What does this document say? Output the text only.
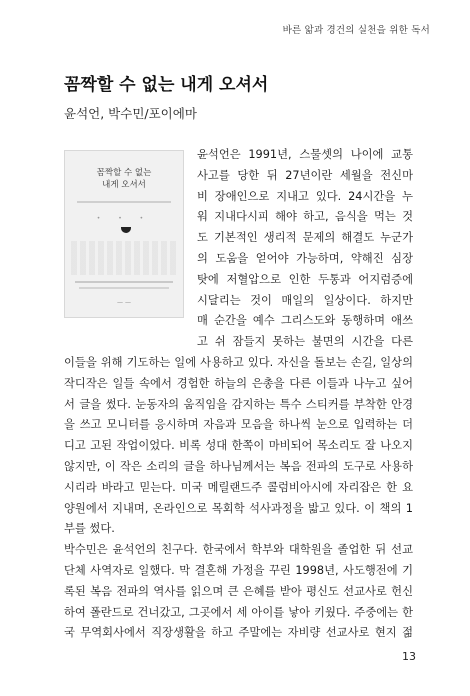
바른 앎과 경건의 실천을 위한 독서
꼼짝할 수 없는 내게 오셔서
윤석언, 박수민/포이에마
꼼짝할 수 없는
내게 오셔서
• • •
— —
윤석언은 1991년, 스물셋의 나이에 교통
사고를 당한 뒤 27년이란 세월을 전신마
비 장애인으로 지내고 있다. 24시간을 누
워 지내다시피 해야 하고, 음식을 먹는 것
도 기본적인 생리적 문제의 해결도 누군가
의 도움을 얻어야 가능하며, 약해진 심장
탓에 저혈압으로 인한 두통과 어지럼증에
시달리는 것이 매일의 일상이다. 하지만
매 순간을 예수 그리스도와 동행하며 애쓰
고 쉬 잠들지 못하는 불면의 시간을 다른
이들을 위해 기도하는 일에 사용하고 있다. 자신을 돌보는 손길, 일상의
작디작은 일들 속에서 경험한 하늘의 은총을 다른 이들과 나누고 싶어
서 글을 썼다. 눈동자의 움직임을 감지하는 특수 스티커를 부착한 안경
을 쓰고 모니터를 응시하며 자음과 모음을 하나씩 눈으로 입력하는 더
디고 고된 작업이었다. 비록 성대 한쪽이 마비되어 목소리도 잘 나오지
않지만, 이 작은 소리의 글을 하나님께서는 복음 전파의 도구로 사용하
시리라 바라고 믿는다. 미국 메릴랜드주 콜럼비아시에 자리잡은 한 요
양원에서 지내며, 온라인으로 목회학 석사과정을 밟고 있다. 이 책의 1
부를 썼다.
박수민은 윤석언의 친구다. 한국에서 학부와 대학원을 졸업한 뒤 선교
단체 사역자로 일했다. 막 결혼해 가정을 꾸린 1998년, 사도행전에 기
록된 복음 전파의 역사를 읽으며 큰 은혜를 받아 평신도 선교사로 헌신
하여 폴란드로 건너갔고, 그곳에서 세 아이를 낳아 키웠다. 주중에는 한
국 무역회사에서 직장생활을 하고 주말에는 자비량 선교사로 현지 젊
13
